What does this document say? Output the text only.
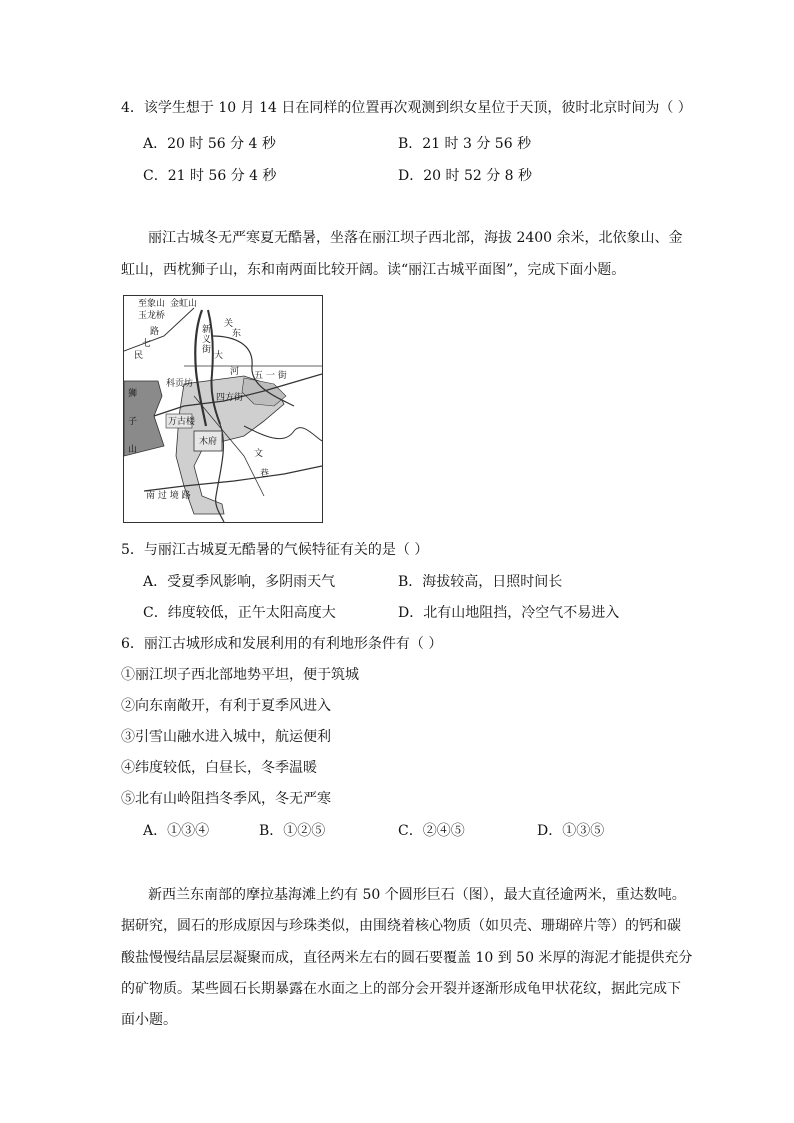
4．该学生想于 10 月 14 日在同样的位置再次观测到织女星位于天顶，彼时北京时间为（ ）
A．20 时 56 分 4 秒	B．21 时 3 分 56 秒
C．21 时 56 分 4 秒	D．20 时 52 分 8 秒
丽江古城冬无严寒夏无酷暑，坐落在丽江坝子西北部，海拔 2400 余米，北依象山、金
虹山，西枕狮子山，东和南两面比较开阔。读“丽江古城平面图”，完成下面小题。
至象山 金虹山
玉龙桥
路
七
民
新
义
街
关
东
大
河 五 一 街
科贡坊
四方街
狮
子
山
万古楼
木府
文
巷
南 过 境 路
5．与丽江古城夏无酷暑的气候特征有关的是（ ）
A．受夏季风影响，多阴雨天气	B．海拔较高，日照时间长
C．纬度较低，正午太阳高度大	D．北有山地阻挡，冷空气不易进入
6．丽江古城形成和发展利用的有利地形条件有（ ）
①丽江坝子西北部地势平坦，便于筑城
②向东南敞开，有利于夏季风进入
③引雪山融水进入城中，航运便利
④纬度较低，白昼长，冬季温暖
⑤北有山岭阻挡冬季风，冬无严寒
A．①③④	B．①②⑤	C．②④⑤	D．①③⑤
新西兰东南部的摩拉基海滩上约有 50 个圆形巨石（图），最大直径逾两米，重达数吨。
据研究，圆石的形成原因与珍珠类似，由围绕着核心物质（如贝壳、珊瑚碎片等）的钙和碳
酸盐慢慢结晶层层凝聚而成，直径两米左右的圆石要覆盖 10 到 50 米厚的海泥才能提供充分
的矿物质。某些圆石长期暴露在水面之上的部分会开裂并逐渐形成龟甲状花纹，据此完成下
面小题。
